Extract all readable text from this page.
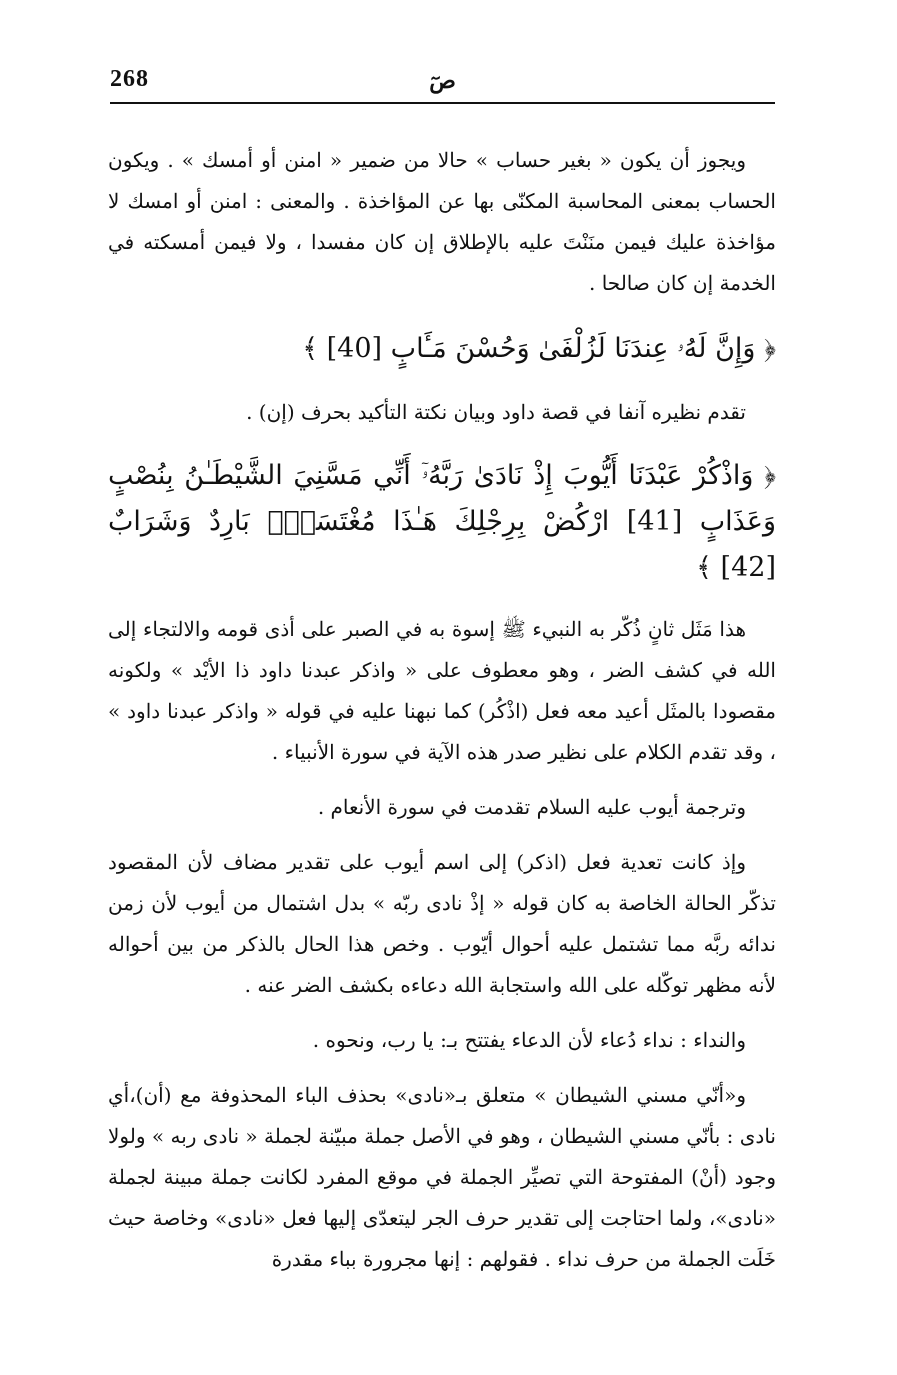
268	صٓ

ويجوز أن يكون « بغير حساب » حالا من ضمير « امنن أو أمسك » . ويكون الحساب بمعنى المحاسبة المكنّى بها عن المؤاخذة . والمعنى : امنن أو امسك لا مؤاخذة عليك فيمن منَنْتَ عليه بالإطلاق إن كان مفسدا ، ولا فيمن أمسكته في الخدمة إن كان صالحا .

﴿ وَإِنَّ لَهُۥ عِندَنَا لَزُلْفَىٰ وَحُسْنَ مَـَٔابٍ [40] ﴾

تقدم نظيره آنفا في قصة داود وبيان نكتة التأكيد بحرف (إن) .

﴿ وَاذْكُرْ عَبْدَنَا أَيُّوبَ إِذْ نَادَىٰ رَبَّهُۥٓ أَنِّي مَسَّنِيَ الشَّيْطَـٰنُ بِنُصْبٍ وَعَذَابٍ [41] ارْكُضْ بِرِجْلِكَ هَـٰذَا مُغْتَسَلٌۢ بَارِدٌ وَشَرَابٌ [42] ﴾

هذا مَثَل ثانٍ ذُكّر به النبيء ﷺ إسوة به في الصبر على أذى قومه والالتجاء إلى الله في كشف الضر ، وهو معطوف على « واذكر عبدنا داود ذا الأيْد » ولكونه مقصودا بالمثَل أعيد معه فعل (اذْكُر) كما نبهنا عليه في قوله « واذكر عبدنا داود » ، وقد تقدم الكلام على نظير صدر هذه الآية في سورة الأنبياء .

وترجمة أيوب عليه السلام تقدمت في سورة الأنعام .

وإذ كانت تعدية فعل (اذكر) إلى اسم أيوب على تقدير مضاف لأن المقصود تذكّر الحالة الخاصة به كان قوله « إذْ نادى ربّه » بدل اشتمال من أيوب لأن زمن ندائه ربَّه مما تشتمل عليه أحوال أيّوب . وخص هذا الحال بالذكر من بين أحواله لأنه مظهر توكّله على الله واستجابة الله دعاءه بكشف الضر عنه .

والنداء : نداء دُعاء لأن الدعاء يفتتح بـ: يا رب، ونحوه .

و«أنّي مسني الشيطان » متعلق بـ«نادى» بحذف الباء المحذوفة مع (أن)،أي نادى : بأنّي مسني الشيطان ، وهو في الأصل جملة مبيّنة لجملة « نادى ربه » ولولا وجود (أنْ) المفتوحة التي تصيِّر الجملة في موقع المفرد لكانت جملة مبينة لجملة «نادى»، ولما احتاجت إلى تقدير حرف الجر ليتعدّى إليها فعل «نادى» وخاصة حيث خَلَت الجملة من حرف نداء . فقولهم : إنها مجرورة بباء مقدرة
